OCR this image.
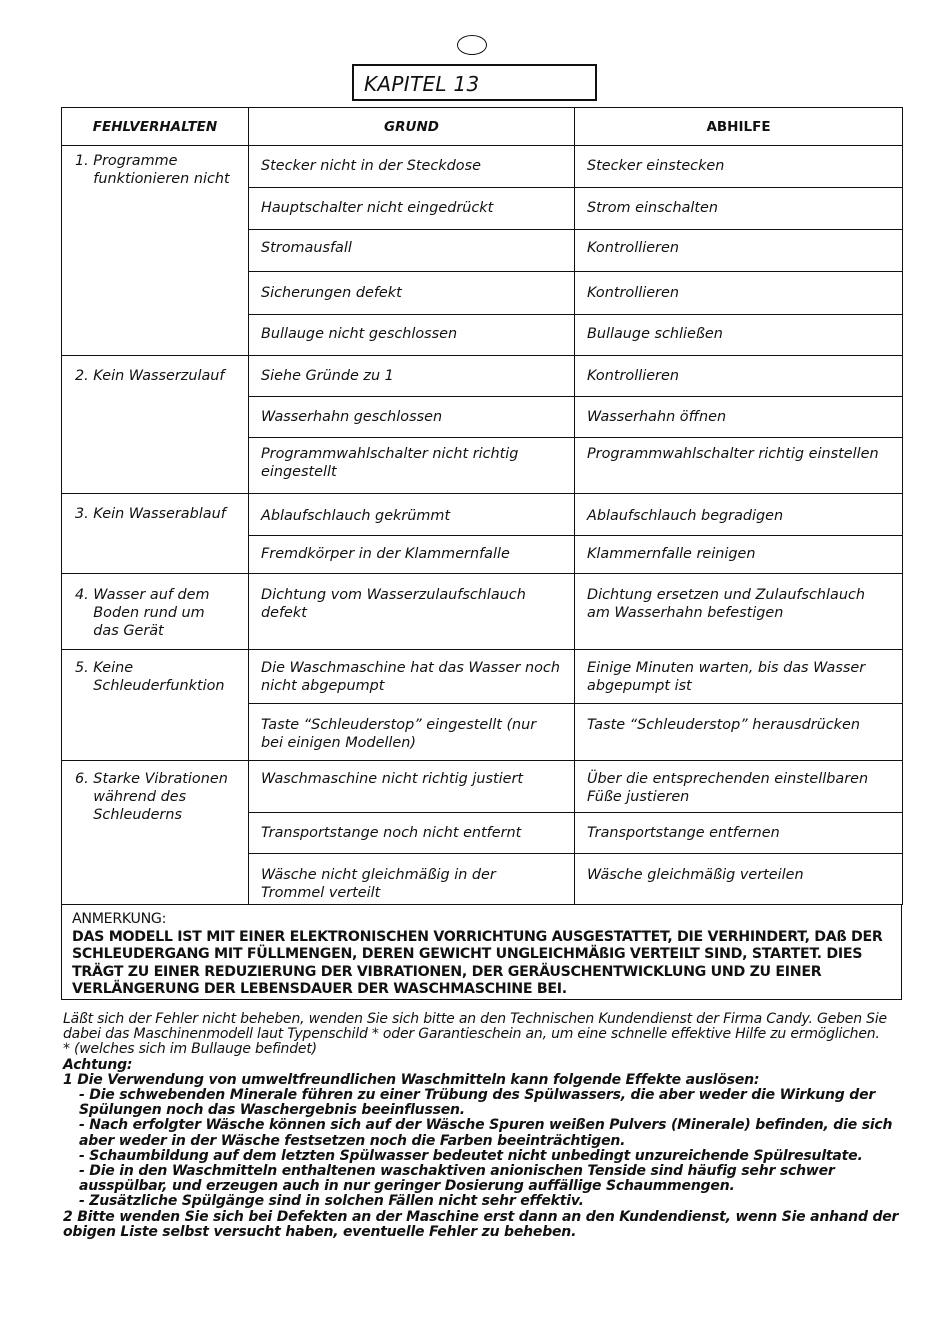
KAPITEL 13
FEHLVERHALTEN	GRUND	ABHILFE

1. Programme
funktionieren nicht	Stecker nicht in der Steckdose	Stecker einstecken

	Hauptschalter nicht eingedrückt	Strom einschalten

	Stromausfall	Kontrollieren

	Sicherungen defekt	Kontrollieren

	Bullauge nicht geschlossen	Bullauge schließen

2. Kein Wasserzulauf	Siehe Gründe zu 1	Kontrollieren

	Wasserhahn geschlossen	Wasserhahn öffnen

	Programmwahlschalter nicht richtig eingestellt	Programmwahlschalter richtig einstellen

3. Kein Wasserablauf	Ablaufschlauch gekrümmt	Ablaufschlauch begradigen

	Fremdkörper in der Klammernfalle	Klammernfalle reinigen

4. Wasser auf dem
Boden rund um
das Gerät	Dichtung vom Wasserzulaufschlauch defekt	Dichtung ersetzen und Zulaufschlauch am Wasserhahn befestigen

5. Keine
Schleuderfunktion	Die Waschmaschine hat das Wasser noch nicht abgepumpt	Einige Minuten warten, bis das Wasser abgepumpt ist

	Taste “Schleuderstop” eingestellt (nur bei einigen Modellen)	Taste “Schleuderstop” herausdrücken

6. Starke Vibrationen
während des
Schleuderns	Waschmaschine nicht richtig justiert	Über die entsprechenden einstellbaren Füße justieren

	Transportstange noch nicht entfernt	Transportstange entfernen

	Wäsche nicht gleichmäßig in der Trommel verteilt	Wäsche gleichmäßig verteilen
ANMERKUNG:
DAS MODELL IST MIT EINER ELEKTRONISCHEN VORRICHTUNG AUSGESTATTET, DIE VERHINDERT, DAß DER SCHLEUDERGANG MIT FÜLLMENGEN, DEREN GEWICHT UNGLEICHMÄßIG VERTEILT SIND, STARTET. DIES TRÄGT ZU EINER REDUZIERUNG DER VIBRATIONEN, DER GERÄUSCHENTWICKLUNG UND ZU EINER VERLÄNGERUNG DER LEBENSDAUER DER WASCHMASCHINE BEI.
Läßt sich der Fehler nicht beheben, wenden Sie sich bitte an den Technischen Kundendienst der Firma Candy. Geben Sie dabei das Maschinenmodell laut Typenschild * oder Garantieschein an, um eine schnelle effektive Hilfe zu ermöglichen.
* (welches sich im Bullauge befindet)
Achtung:
1 Die Verwendung von umweltfreundlichen Waschmitteln kann folgende Effekte auslösen:
- Die schwebenden Minerale führen zu einer Trübung des Spülwassers, die aber weder die Wirkung der Spülungen noch das Waschergebnis beeinflussen.
- Nach erfolgter Wäsche können sich auf der Wäsche Spuren weißen Pulvers (Minerale) befinden, die sich aber weder in der Wäsche festsetzen noch die Farben beeinträchtigen.
- Schaumbildung auf dem letzten Spülwasser bedeutet nicht unbedingt unzureichende Spülresultate.
- Die in den Waschmitteln enthaltenen waschaktiven anionischen Tenside sind häufig sehr schwer ausspülbar, und erzeugen auch in nur geringer Dosierung auffällige Schaummengen.
- Zusätzliche Spülgänge sind in solchen Fällen nicht sehr effektiv.
2 Bitte wenden Sie sich bei Defekten an der Maschine erst dann an den Kundendienst, wenn Sie anhand der obigen Liste selbst versucht haben, eventuelle Fehler zu beheben.
